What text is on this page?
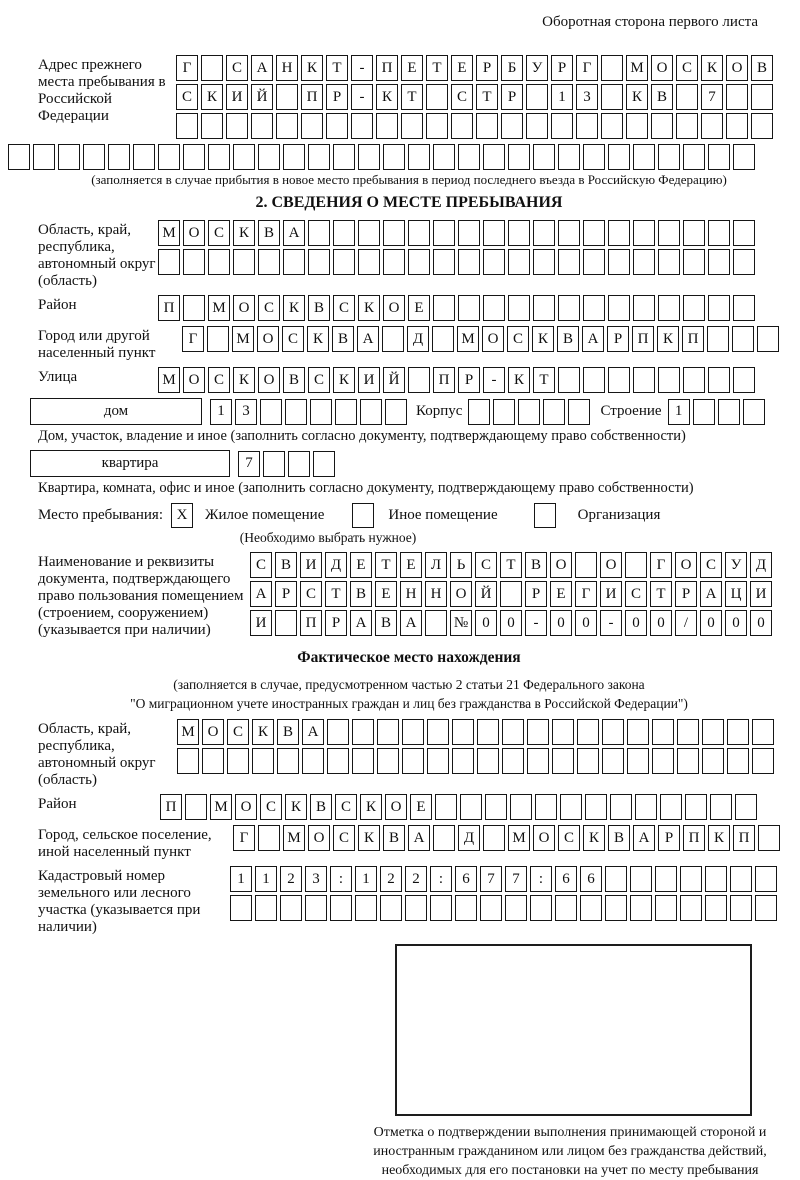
Оборотная сторона первого листа
Адрес прежнего места пребывания в Российской Федерации
Г	С А Н К	Т	-	П Е	Т	Е	Р	Б	У	Р	Г	М О С К О В
С К И Й	П	Р	-	К	Т	С	Т	Р	1	3	К В	7
(заполняется в случае прибытия в новое место пребывания в период последнего въезда в Российскую Федерацию)
2. СВЕДЕНИЯ О МЕСТЕ ПРЕБЫВАНИЯ
Область, край, республика, автономный округ (область)
М О С К В А
Район	П	М О С К В С К О Е
Город или другой населенный пункт
Г	М О С К В А	Д	М О С К В А	Р	П К П
Улица	М О С К О В С К И Й	П	Р	-	К	Т
дом	1	3	Корпус	Строение 1
Дом, участок, владение и иное (заполнить согласно документу, подтверждающему право собственности)
квартира	7
Квартира, комната, офис и иное (заполнить согласно документу, подтверждающему право собственности)
Место пребывания: X	Жилое помещение	Иное помещение	Организация
(Необходимо выбрать нужное)
Наименование и реквизиты документа, подтверждающего право пользования помещением (строением, сооружением) (указывается при наличии)
С В И Д	Е	Т	Е	Л	Ь	С	Т	В О	О	Г	О С У Д
А	Р	С	Т	В	Е	Н Н О Й	Р	Е	Г	И С	Т	Р	А Ц И
И	П	Р	А В А	№ 0	0	-	0	0	-	0	0	/	0	0	0
Фактическое место нахождения
(заполняется в случае, предусмотренном частью 2 статьи 21 Федерального закона
"О миграционном учете иностранных граждан и лиц без гражданства в Российской Федерации")
Область, край, республика, автономный округ (область)
М О С К В А
Район	П	М О С К В С К О Е
Город, сельское поселение, иной населенный пункт
Г	М О С К В А	Д	М О С К В А	Р	П К П
Кадастровый номер земельного или лесного участка (указывается при наличии)
1	1	2	3	:	1	2	2	:	6	7	7	:	6	6
Отметка о подтверждении выполнения принимающей стороной и иностранным гражданином или лицом без гражданства действий, необходимых для его постановки на учет по месту пребывания
